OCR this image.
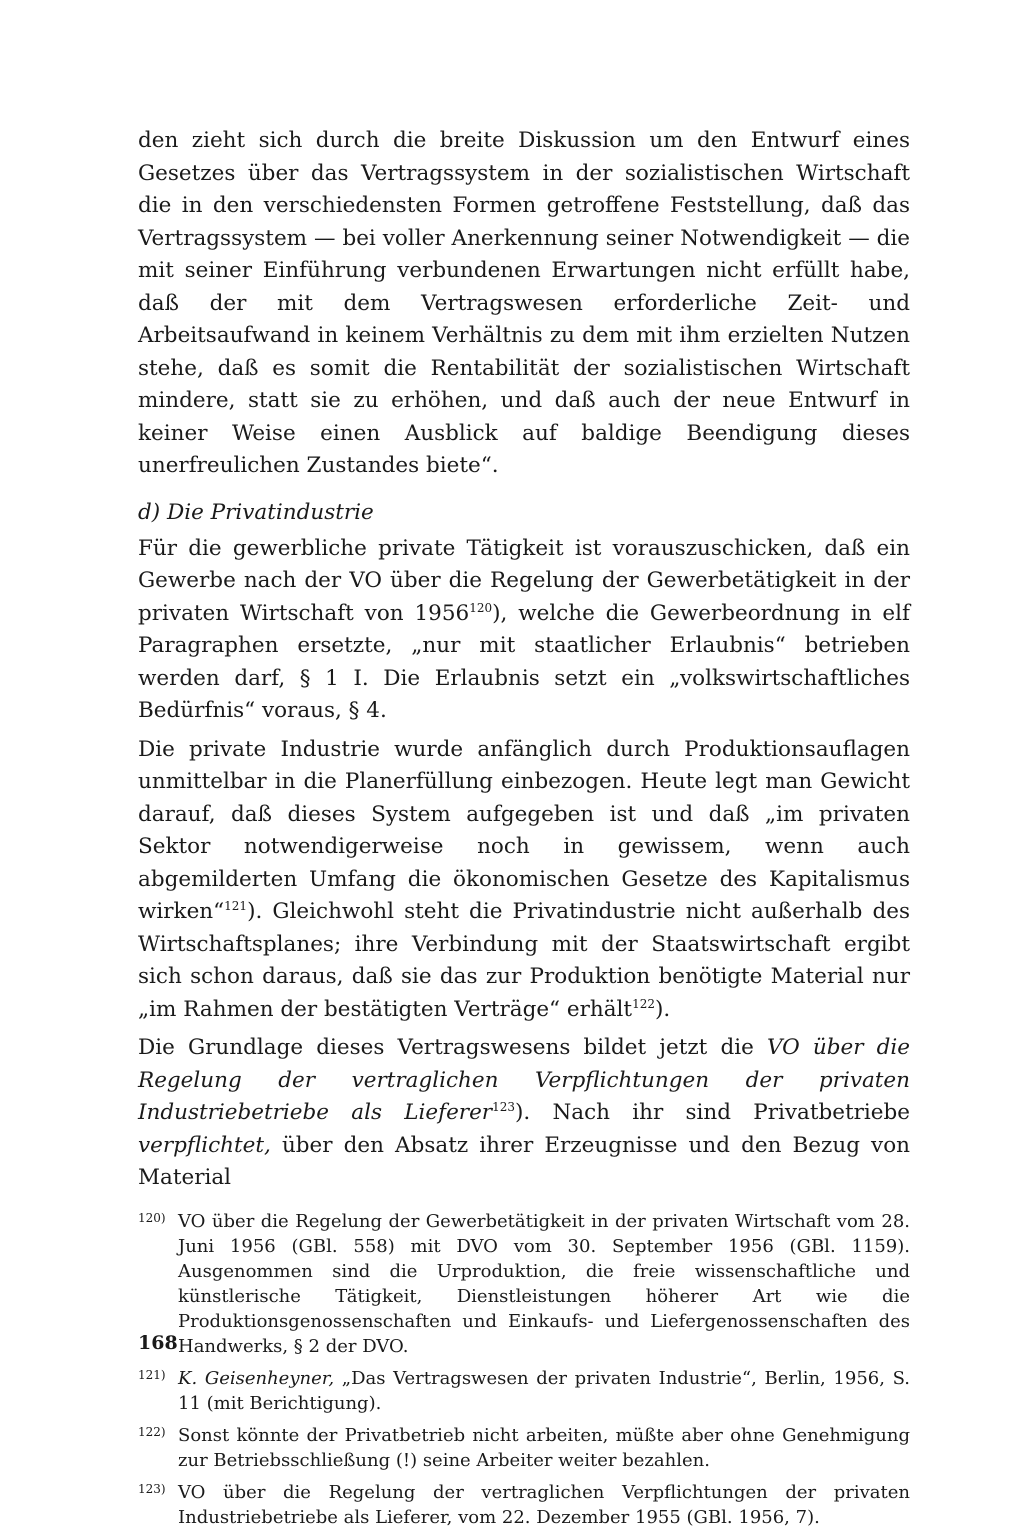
den zieht sich durch die breite Diskussion um den Entwurf eines Gesetzes über das Vertragssystem in der sozialistischen Wirtschaft die in den verschiedensten Formen getroffene Feststellung, daß das Vertragssystem — bei voller Anerkennung seiner Notwendigkeit — die mit seiner Einführung verbundenen Erwartungen nicht erfüllt habe, daß der mit dem Vertragswesen erforderliche Zeit- und Arbeitsaufwand in keinem Verhältnis zu dem mit ihm erzielten Nutzen stehe, daß es somit die Rentabilität der sozialistischen Wirtschaft mindere, statt sie zu erhöhen, und daß auch der neue Entwurf in keiner Weise einen Ausblick auf baldige Beendigung dieses unerfreulichen Zustandes biete“.

d) Die Privatindustrie

Für die gewerbliche private Tätigkeit ist vorauszuschicken, daß ein Gewerbe nach der VO über die Regelung der Gewerbetätigkeit in der privaten Wirtschaft von 1956$^{120}$), welche die Gewerbeordnung in elf Paragraphen ersetzte, „nur mit staatlicher Erlaubnis“ betrieben werden darf, § 1 I. Die Erlaubnis setzt ein „volkswirtschaftliches Bedürfnis“ voraus, § 4.

Die private Industrie wurde anfänglich durch Produktionsauflagen unmittelbar in die Planerfüllung einbezogen. Heute legt man Gewicht darauf, daß dieses System aufgegeben ist und daß „im privaten Sektor notwendigerweise noch in gewissem, wenn auch abgemilderten Umfang die ökonomischen Gesetze des Kapitalismus wirken“$^{121}$). Gleichwohl steht die Privatindustrie nicht außerhalb des Wirtschaftsplanes; ihre Verbindung mit der Staatswirtschaft ergibt sich schon daraus, daß sie das zur Produktion benötigte Material nur „im Rahmen der bestätigten Verträge“ erhält$^{122}$).

Die Grundlage dieses Vertragswesens bildet jetzt die VO über die Regelung der vertraglichen Verpflichtungen der privaten Industriebetriebe als Lieferer$^{123}$). Nach ihr sind Privatbetriebe verpflichtet, über den Absatz ihrer Erzeugnisse und den Bezug von Material

120) VO über die Regelung der Gewerbetätigkeit in der privaten Wirtschaft vom 28. Juni 1956 (GBl. 558) mit DVO vom 30. September 1956 (GBl. 1159). Ausgenommen sind die Urproduktion, die freie wissenschaftliche und künstlerische Tätigkeit, Dienstleistungen höherer Art wie die Produktionsgenossenschaften und Einkaufs- und Liefergenossenschaften des Handwerks, § 2 der DVO.
121) K. Geisenheyner, „Das Vertragswesen der privaten Industrie“, Berlin, 1956, S. 11 (mit Berichtigung).
122) Sonst könnte der Privatbetrieb nicht arbeiten, müßte aber ohne Genehmigung zur Betriebsschließung (!) seine Arbeiter weiter bezahlen.
123) VO über die Regelung der vertraglichen Verpflichtungen der privaten Industriebetriebe als Lieferer, vom 22. Dezember 1955 (GBl. 1956, 7).
168
